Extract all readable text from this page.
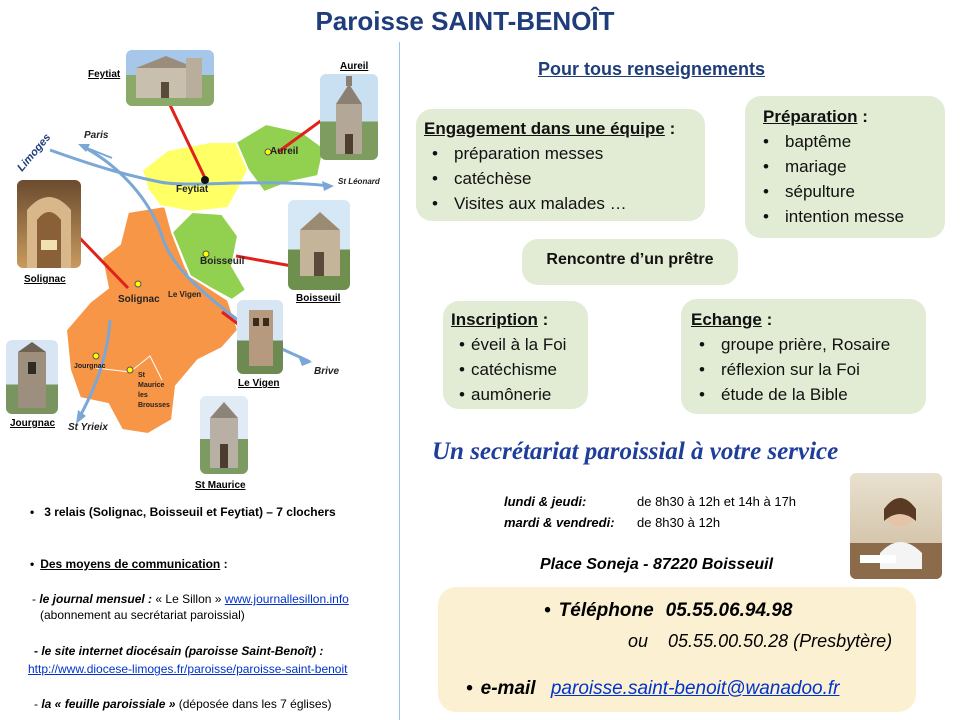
Paroisse SAINT-BENOÎT
Feytiat
Aureil
Boisseuil
Solignac Le Vigen
Jourgnac
St
Maurice
les
Brousses
Paris
St Léonard
Brive
St Yrieix
Limoges
Feytiat
Aureil
Solignac
Boisseuil
Le Vigen
Jourgnac
St Maurice
• 3 relais (Solignac, Boisseuil et Feytiat) – 7 clochers
• Des moyens de communication :
- le journal mensuel : « Le Sillon » www.journallesillon.info
(abonnement au secrétariat paroissial)
- le site internet diocésain (paroisse Saint-Benoît) :
http://www.diocese-limoges.fr/paroisse/paroisse-saint-benoit
- la « feuille paroissiale » (déposée dans les 7 églises)
Pour tous renseignements
Engagement dans une équipe :
• préparation messes
• catéchèse
• Visites aux malades …
Préparation :
• baptême
• mariage
• sépulture
• intention messe
Rencontre d’un prêtre
Inscription :
• éveil à la Foi
• catéchisme
• aumônerie
Echange :
• groupe prière, Rosaire
• réflexion sur la Foi
• étude de la Bible
Un secrétariat paroissial à votre service
lundi & jeudi:	de 8h30 à 12h et 14h à 17h
mardi & vendredi: de 8h30 à 12h
Place Soneja - 87220 Boisseuil
• Téléphone 05.55.06.94.98
ou 05.55.00.50.28 (Presbytère)
• e-mail paroisse.saint-benoit@wanadoo.fr
